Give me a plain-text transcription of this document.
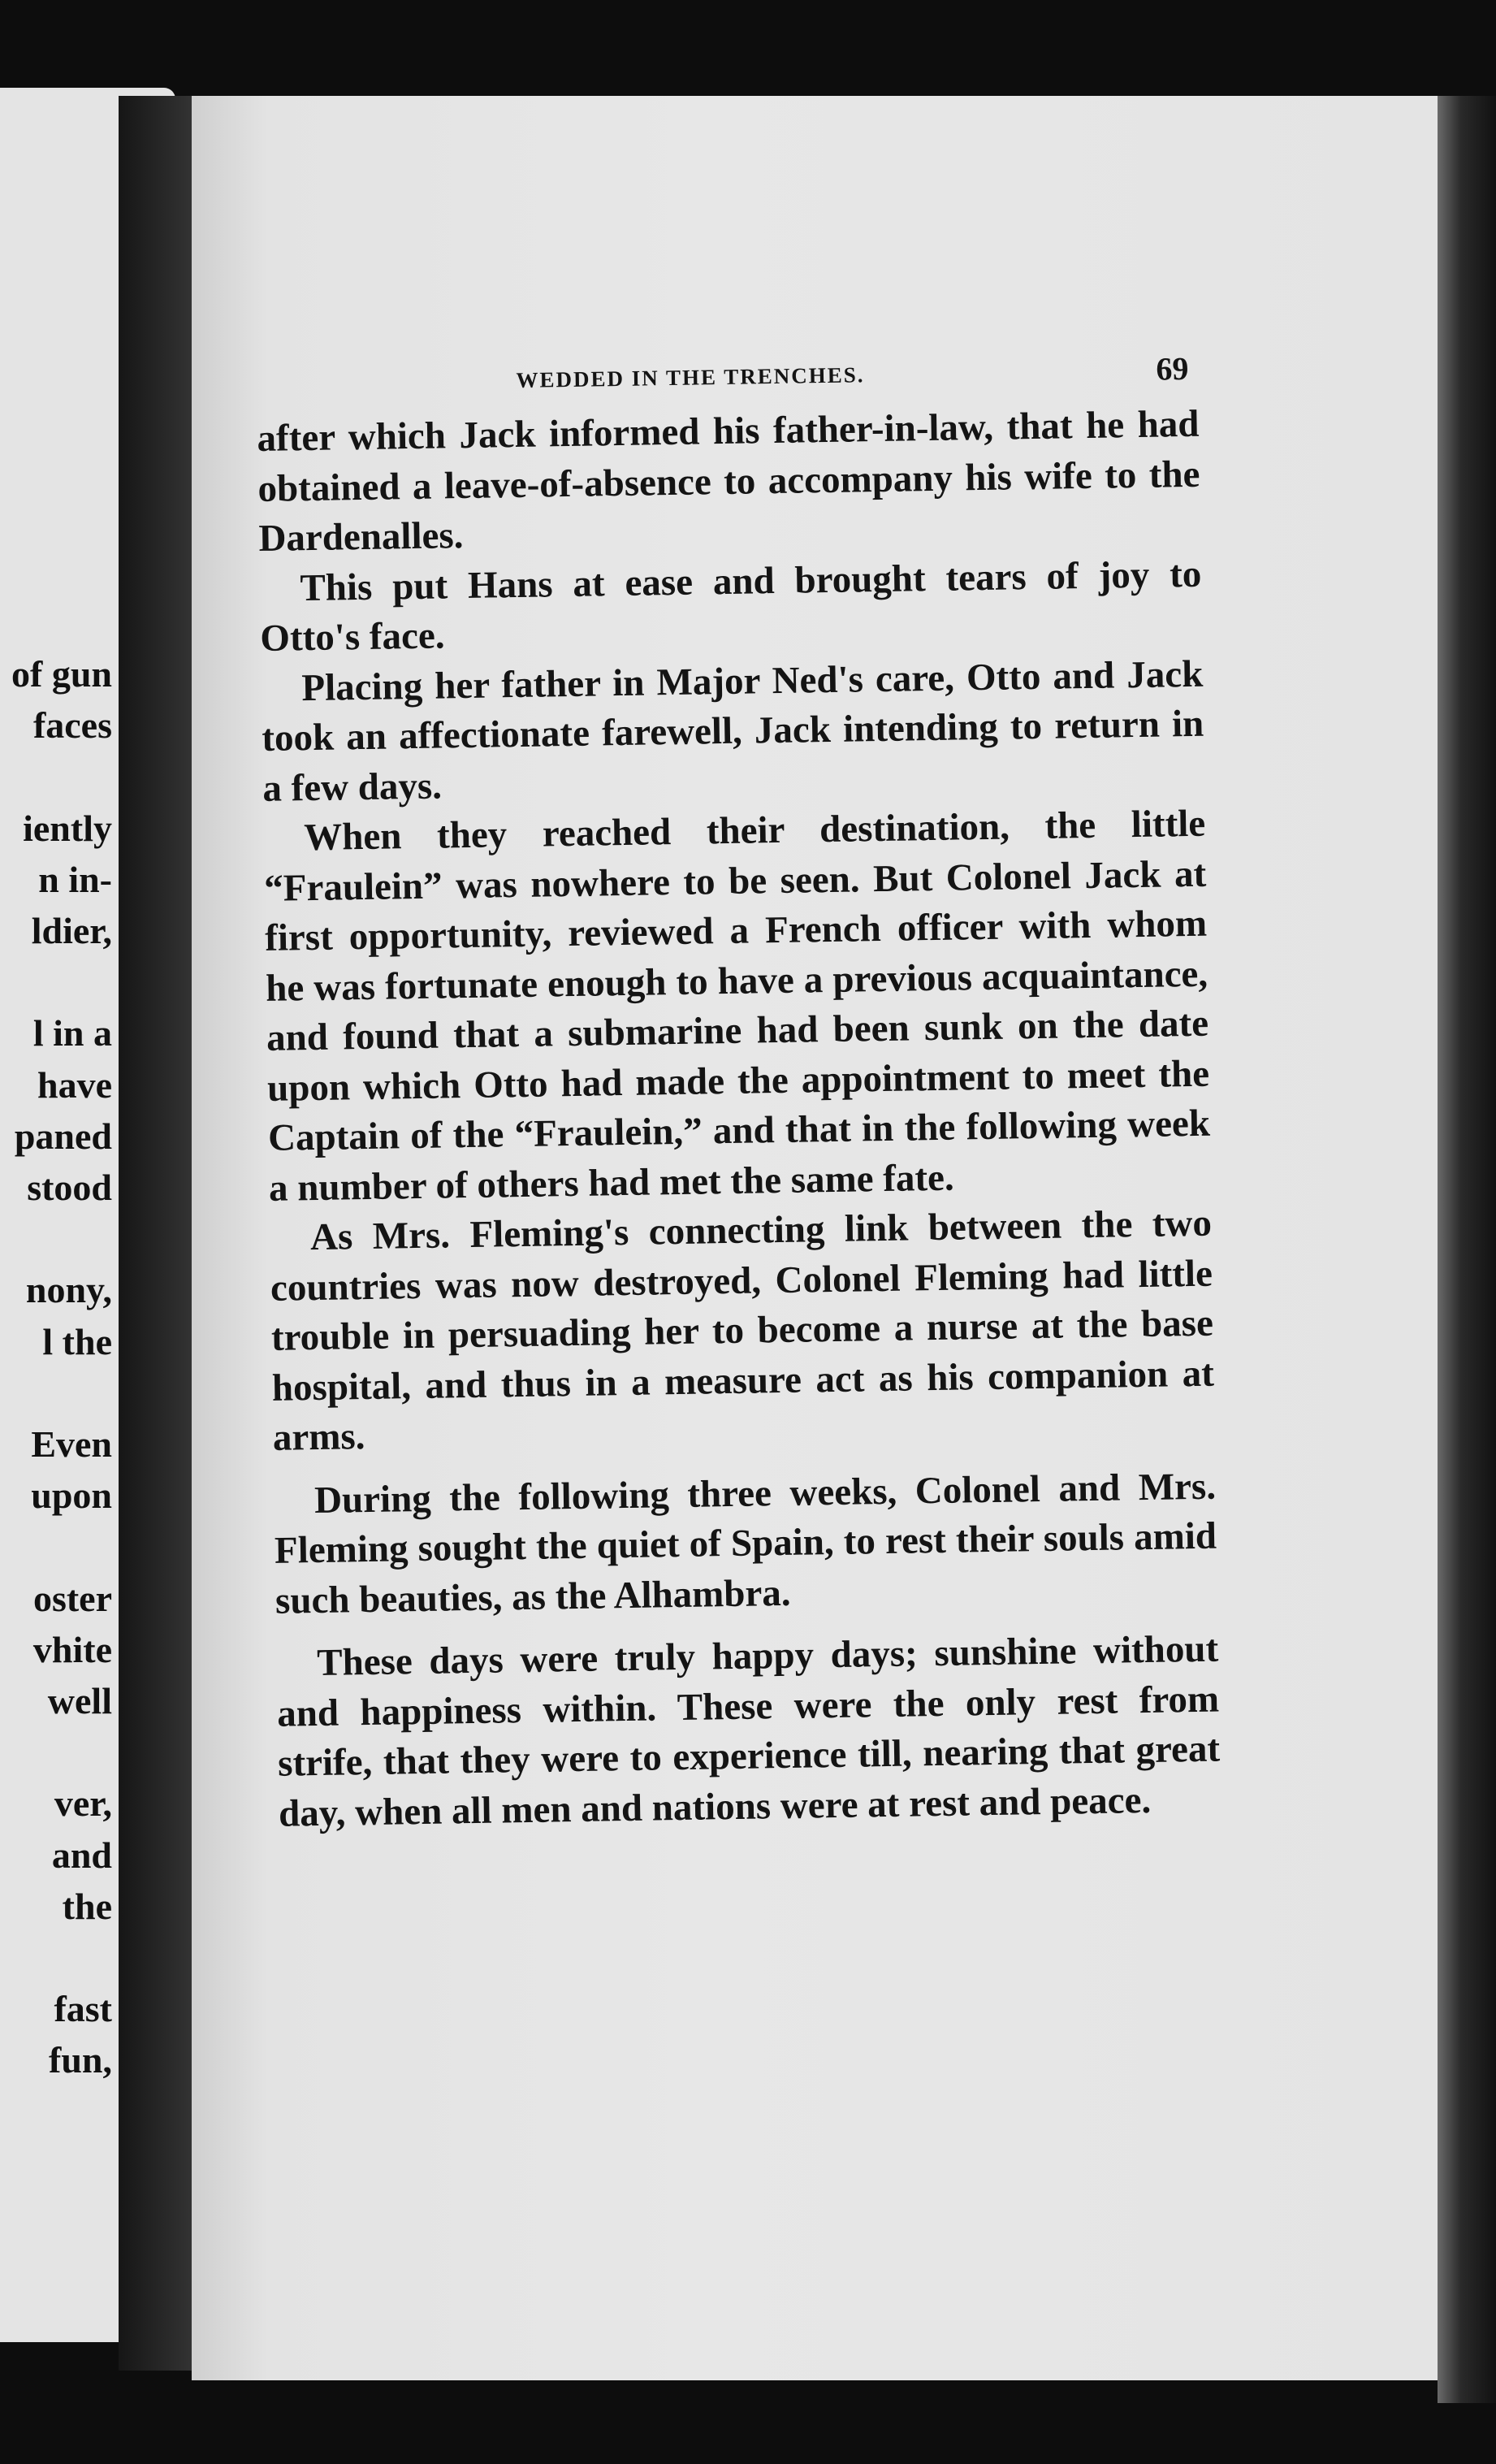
of gun
faces
iently
n in-
ldier,
l in a
have
paned
stood
nony,
l the
Even
upon
oster
vhite
well
ver,
and
the
fast
fun,
WEDDED IN THE TRENCHES.	69

after which Jack informed his father-in-law, that he had obtained a leave-of-absence to accompany his wife to the Dardenalles.

This put Hans at ease and brought tears of joy to Otto's face.

Placing her father in Major Ned's care, Otto and Jack took an affectionate farewell, Jack intending to return in a few days.

When they reached their destination, the little “Fraulein” was nowhere to be seen. But Colonel Jack at first opportunity, reviewed a French officer with whom he was fortunate enough to have a previous acquaintance, and found that a submarine had been sunk on the date upon which Otto had made the appointment to meet the Captain of the “Fraulein,” and that in the following week a number of others had met the same fate.

As Mrs. Fleming's connecting link between the two countries was now destroyed, Colonel Fleming had little trouble in persuading her to become a nurse at the base hospital, and thus in a measure act as his companion at arms.

During the following three weeks, Colonel and Mrs. Fleming sought the quiet of Spain, to rest their souls amid such beauties, as the Alhambra.

These days were truly happy days; sunshine without and happiness within. These were the only rest from strife, that they were to experience till, nearing that great day, when all men and nations were at rest and peace.
